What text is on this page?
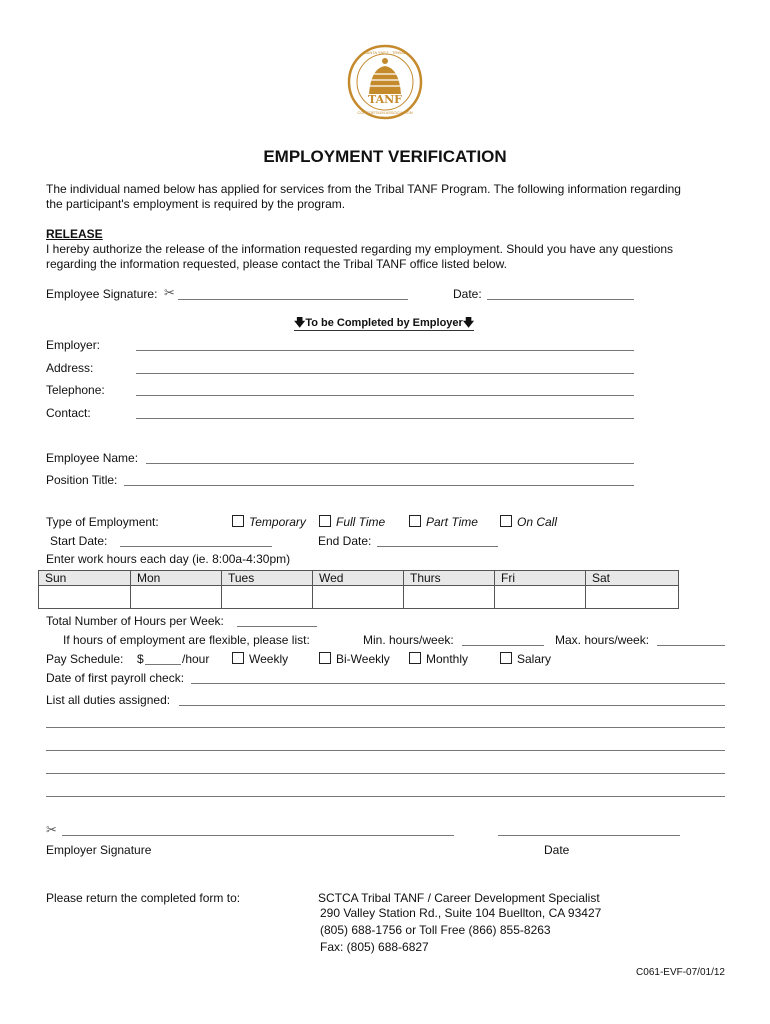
TANF
SANTA YNEZ · TRIBAL
CONSORTIUM ASSOCIATION
EMPLOYMENT VERIFICATION
The individual named below has applied for services from the Tribal TANF Program. The following information regarding
the participant's employment is required by the program.
RELEASE
I hereby authorize the release of the information requested regarding my employment. Should you have any questions
regarding the information requested, please contact the Tribal TANF office listed below.
Employee Signature: ✂	Date:
🡇To be Completed by Employer🡇
Employer:
Address:
Telephone:
Contact:
Employee Name:
Position Title:
Type of Employment:	Temporary	Full Time	Part Time	On Call
Start Date:	End Date:
Enter work hours each day (ie. 8:00a-4:30pm)
Sun	Mon	Tues	Wed	Thurs	Fri	Sat

Total Number of Hours per Week:
If hours of employment are flexible, please list:	Min. hours/week:	Max. hours/week:
Pay Schedule: $	/hour	Weekly	Bi-Weekly	Monthly	Salary
Date of first payroll check:
List all duties assigned:
✂
Employer Signature	Date
Please return the completed form to:	SCTCA Tribal TANF / Career Development Specialist
290 Valley Station Rd., Suite 104 Buellton, CA 93427
(805) 688-1756 or Toll Free (866) 855-8263
Fax: (805) 688-6827
C061-EVF-07/01/12
